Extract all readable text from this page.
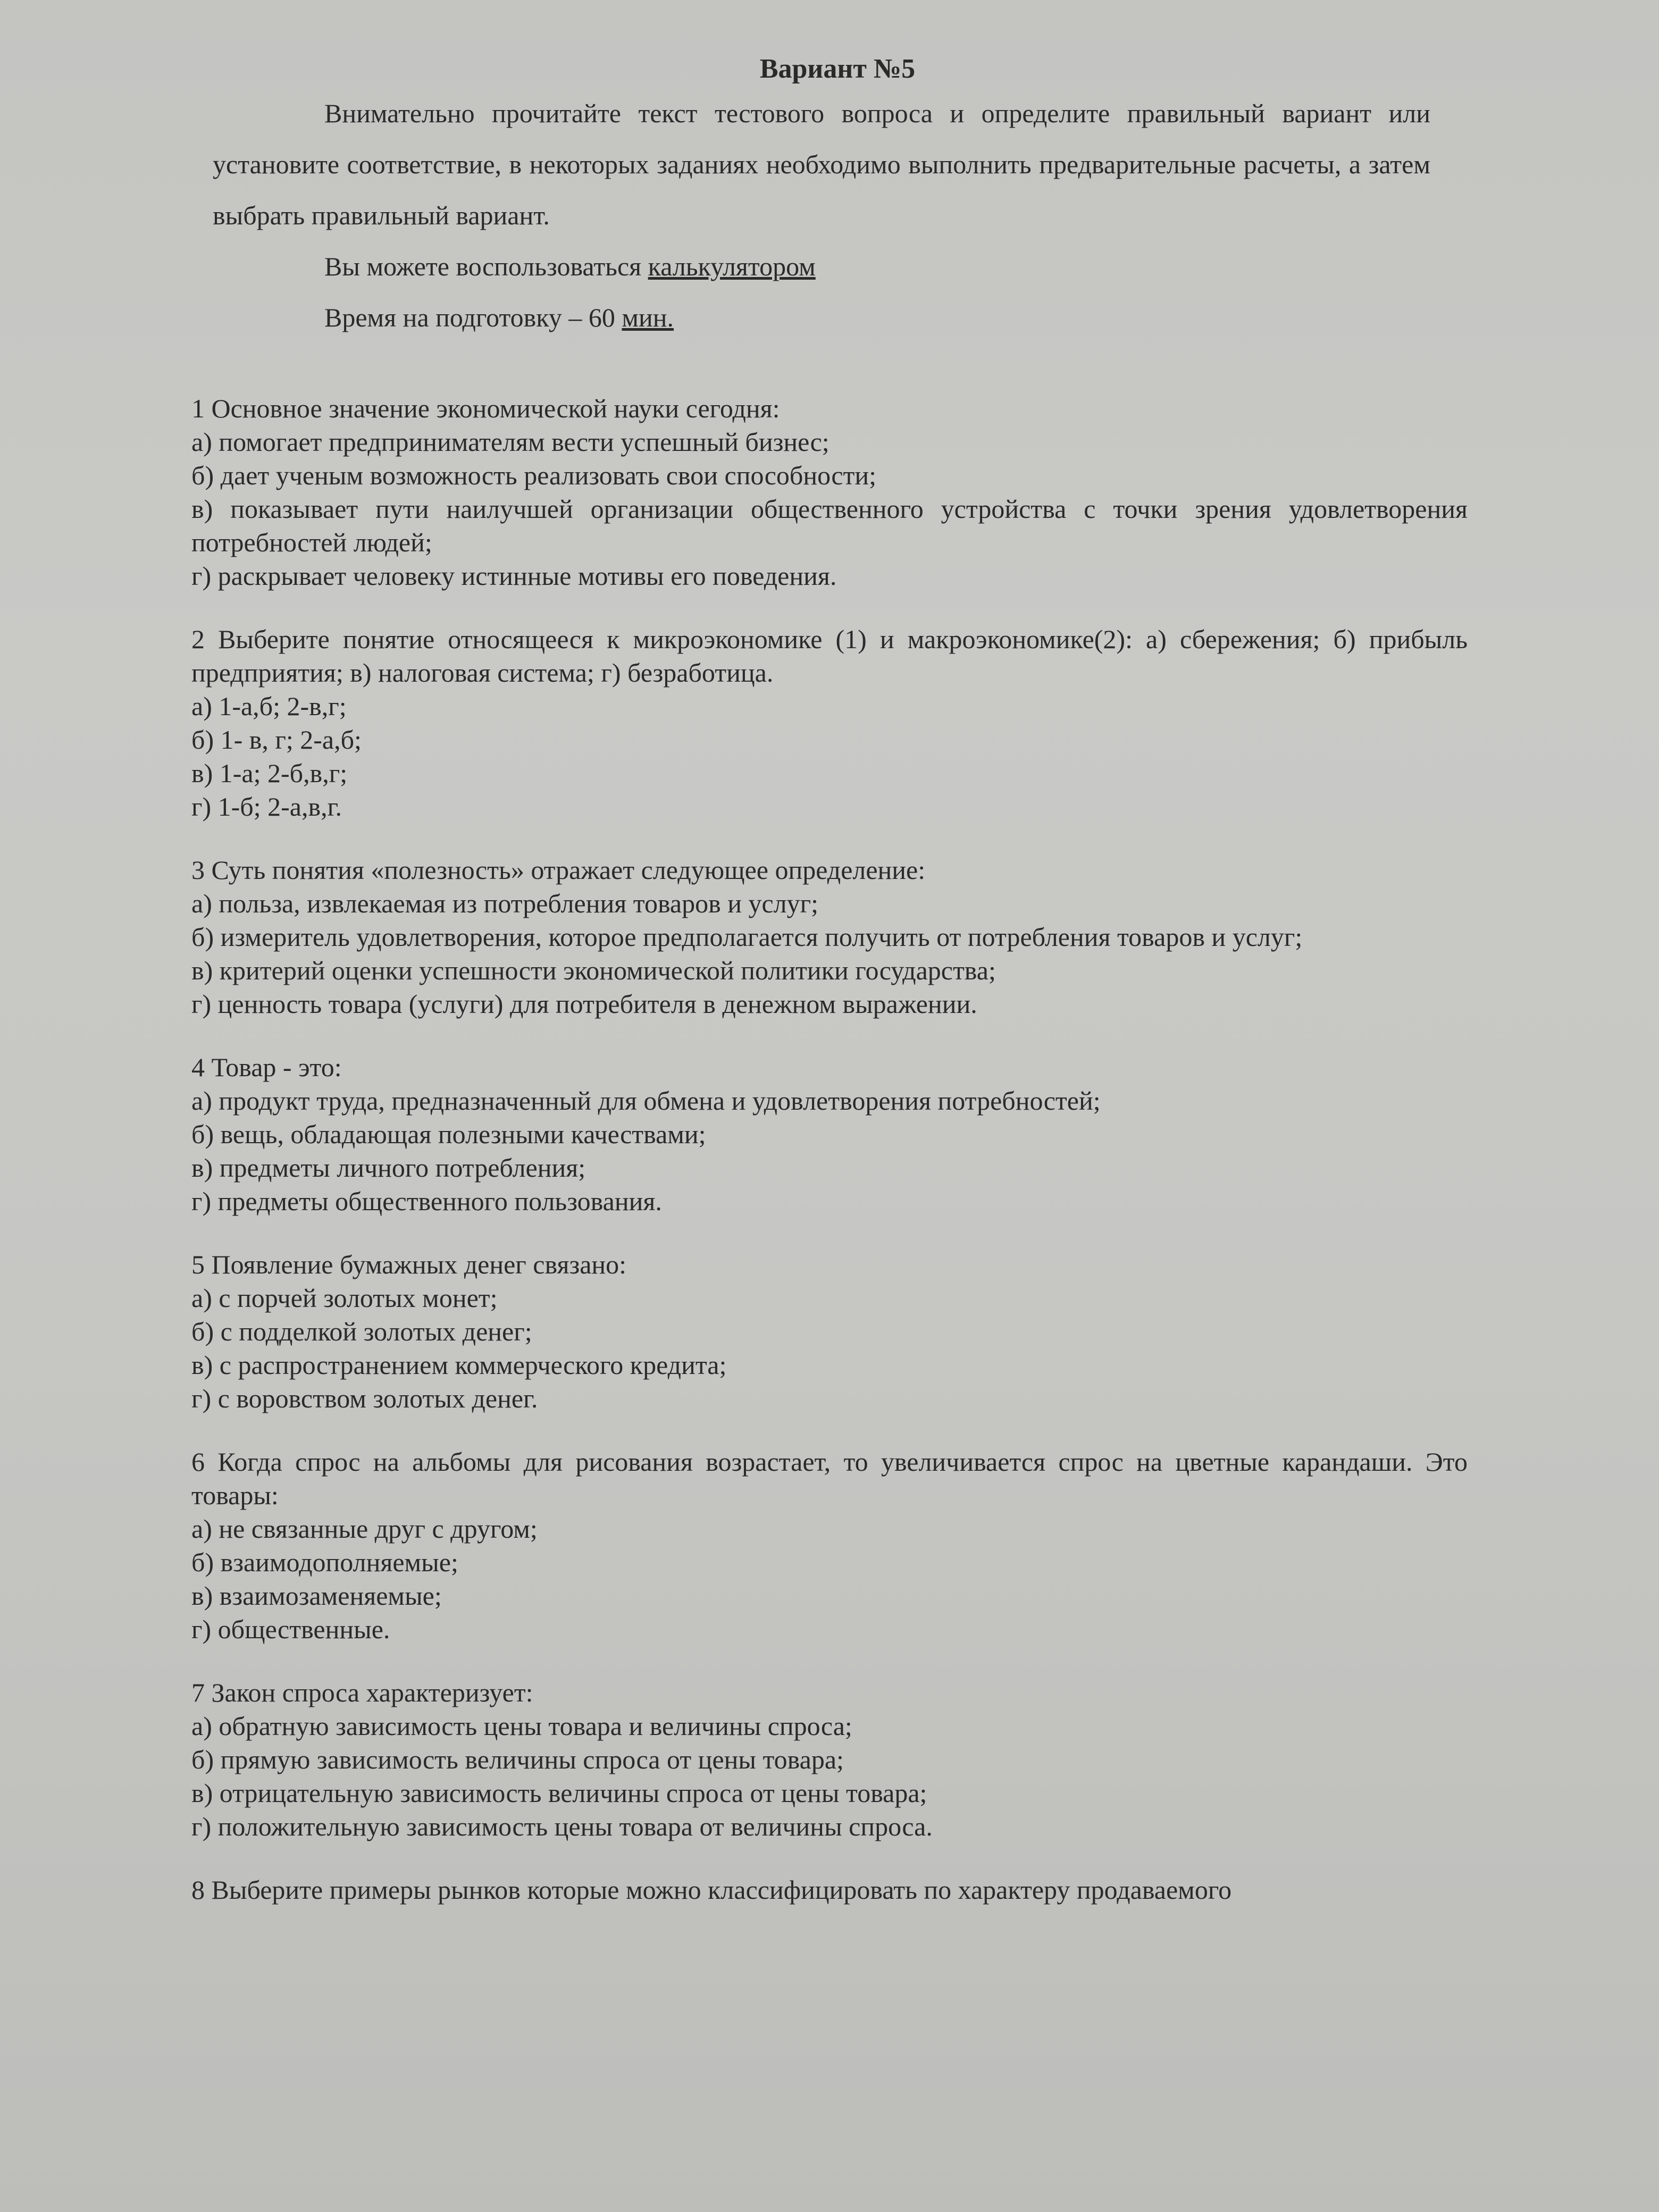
Вариант №5

Внимательно прочитайте текст тестового вопроса и определите правильный вариант или установите соответствие, в некоторых заданиях необходимо выполнить предварительные расчеты, а затем выбрать правильный вариант.

Вы можете воспользоваться калькулятором
Время на подготовку – 60 мин.

1 Основное значение экономической науки сегодня:

а) помогает предпринимателям вести успешный бизнес;

б) дает ученым возможность реализовать свои способности;

в) показывает пути наилучшей организации общественного устройства с точки зрения удовлетворения потребностей людей;

г) раскрывает человеку истинные мотивы его поведения.

2 Выберите понятие относящееся к микроэкономике (1) и макроэкономике(2): а) сбережения; б) прибыль предприятия; в) налоговая система; г) безработица.

а) 1-а,б; 2-в,г;

б) 1- в, г; 2-а,б;

в) 1-а; 2-б,в,г;

г) 1-б; 2-а,в,г.

3 Суть понятия «полезность» отражает следующее определение:

а) польза, извлекаемая из потребления товаров и услуг;

б) измеритель удовлетворения, которое предполагается получить от потребления товаров и услуг;

в) критерий оценки успешности экономической политики государства;

г) ценность товара (услуги) для потребителя в денежном выражении.

4 Товар - это:

а) продукт труда, предназначенный для обмена и удовлетворения потребностей;

б) вещь, обладающая полезными качествами;

в) предметы личного потребления;

г) предметы общественного пользования.

5 Появление бумажных денег связано:

а) с порчей золотых монет;

б) с подделкой золотых денег;

в) с распространением коммерческого кредита;

г) с воровством золотых денег.

6 Когда спрос на альбомы для рисования возрастает, то увеличивается спрос на цветные карандаши. Это товары:

а) не связанные друг с другом;

б) взаимодополняемые;

в) взаимозаменяемые;

г) общественные.

7 Закон спроса характеризует:

а) обратную зависимость цены товара и величины спроса;

б) прямую зависимость величины спроса от цены товара;

в) отрицательную зависимость величины спроса от цены товара;

г) положительную зависимость цены товара от величины спроса.

8 Выберите примеры рынков которые можно классифицировать по характеру продаваемого
